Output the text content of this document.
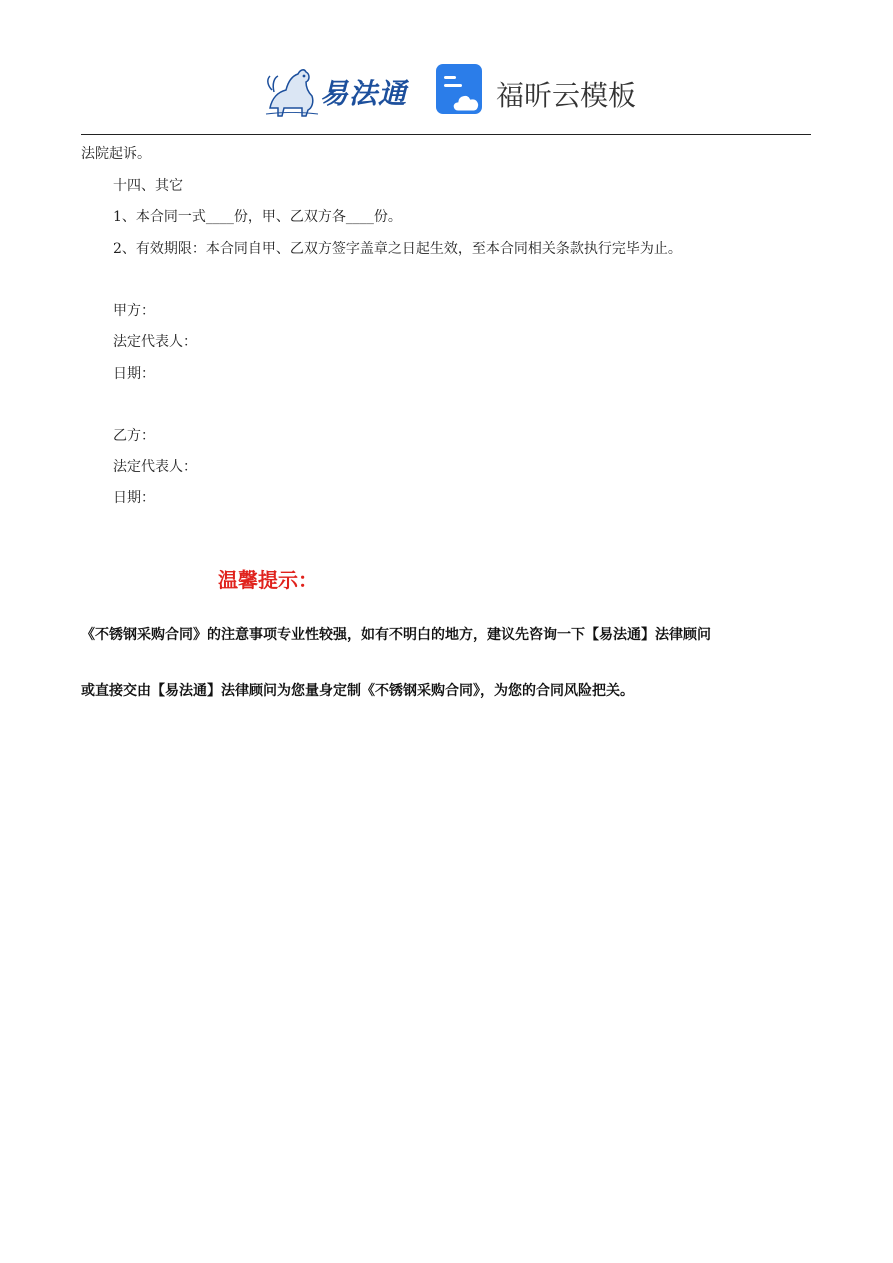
易法通	福昕云模板
法院起诉。
十四、其它
1、本合同一式____份，甲、乙双方各____份。
2、有效期限：本合同自甲、乙双方签字盖章之日起生效，至本合同相关条款执行完毕为止。
甲方：
法定代表人：
日期：
乙方：
法定代表人：
日期：
温馨提示：
《不锈钢采购合同》的注意事项专业性较强，如有不明白的地方，建议先咨询一下【易法通】法律顾问
或直接交由【易法通】法律顾问为您量身定制《不锈钢采购合同》，为您的合同风险把关。
